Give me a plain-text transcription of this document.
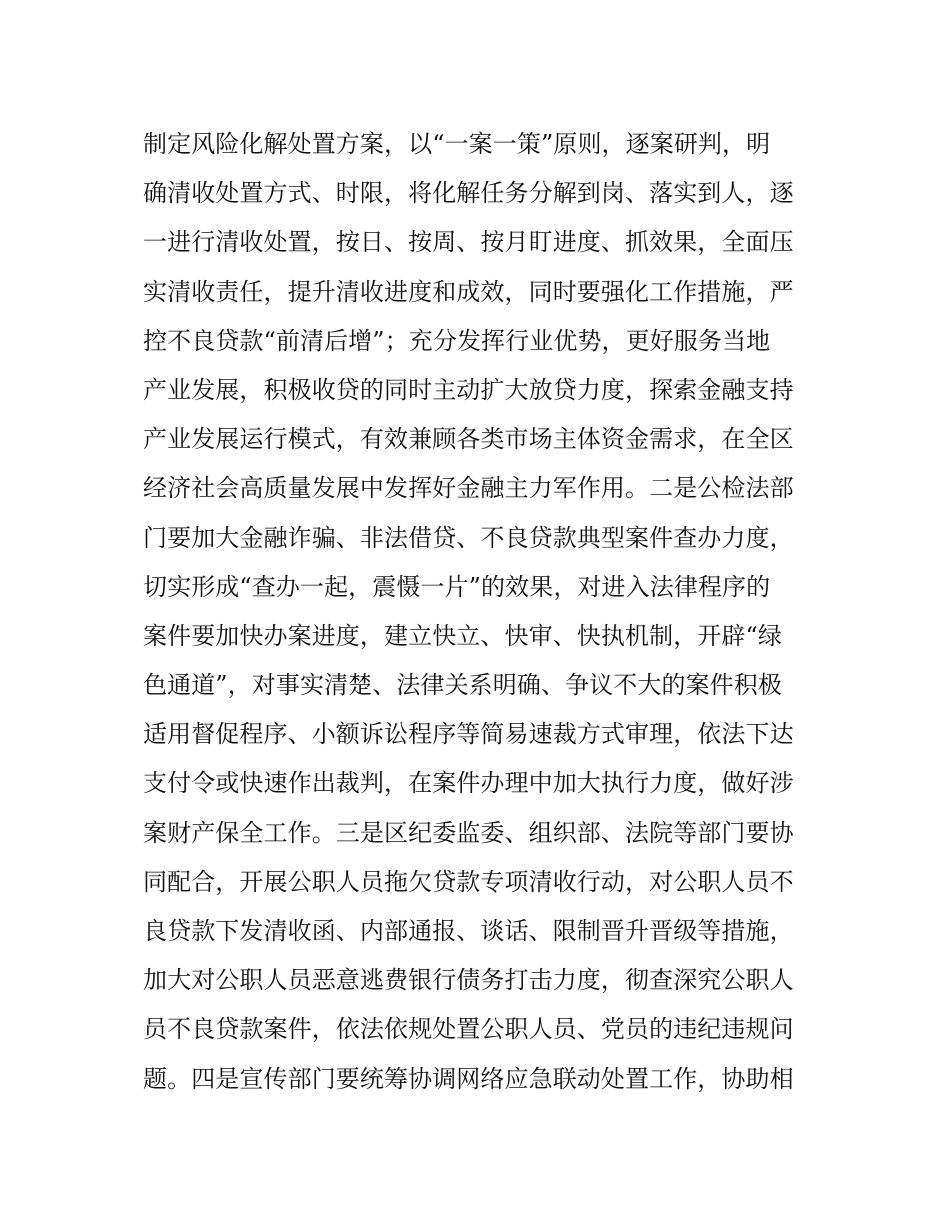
制定风险化解处置方案，以“一案一策”原则，逐案研判，明
确清收处置方式、时限，将化解任务分解到岗、落实到人，逐
一进行清收处置，按日、按周、按月盯进度、抓效果，全面压
实清收责任，提升清收进度和成效，同时要强化工作措施，严
控不良贷款“前清后增”；充分发挥行业优势，更好服务当地
产业发展，积极收贷的同时主动扩大放贷力度，探索金融支持
产业发展运行模式，有效兼顾各类市场主体资金需求，在全区
经济社会高质量发展中发挥好金融主力军作用。二是公检法部
门要加大金融诈骗、非法借贷、不良贷款典型案件查办力度，
切实形成“查办一起，震慑一片”的效果，对进入法律程序的
案件要加快办案进度，建立快立、快审、快执机制，开辟“绿
色通道”，对事实清楚、法律关系明确、争议不大的案件积极
适用督促程序、小额诉讼程序等简易速裁方式审理，依法下达
支付令或快速作出裁判，在案件办理中加大执行力度，做好涉
案财产保全工作。三是区纪委监委、组织部、法院等部门要协
同配合，开展公职人员拖欠贷款专项清收行动，对公职人员不
良贷款下发清收函、内部通报、谈话、限制晋升晋级等措施，
加大对公职人员恶意逃费银行债务打击力度，彻查深究公职人
员不良贷款案件，依法依规处置公职人员、党员的违纪违规问
题。四是宣传部门要统筹协调网络应急联动处置工作，协助相
